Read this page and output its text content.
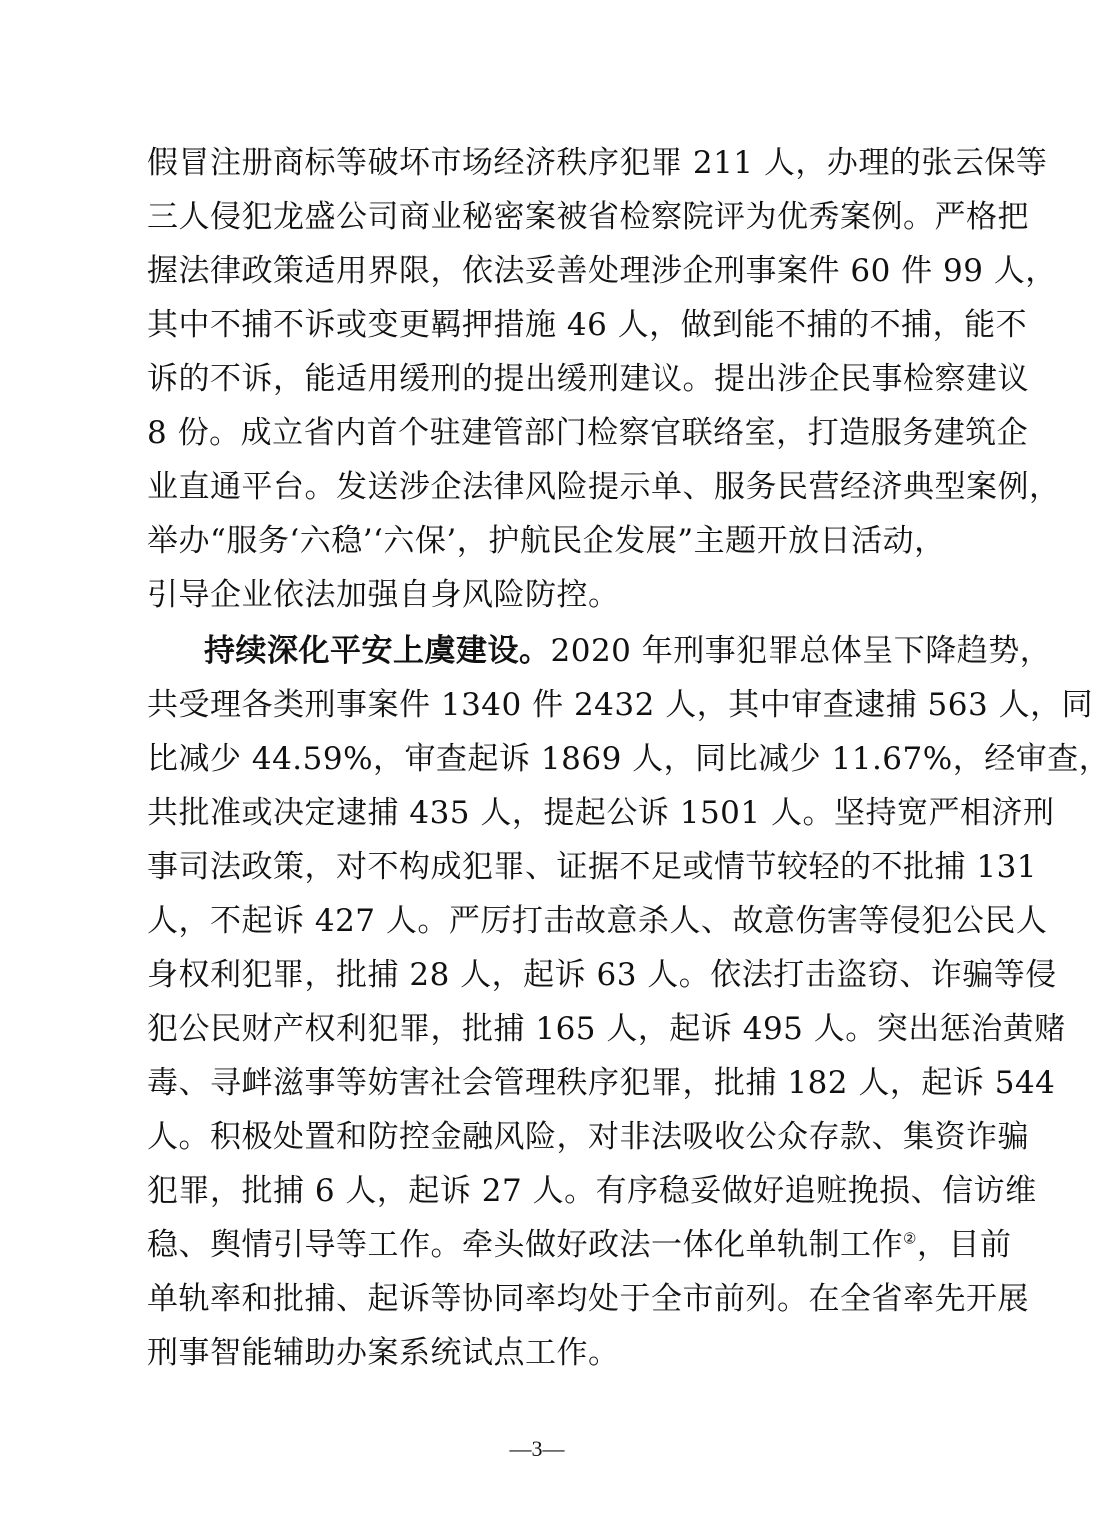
假冒注册商标等破坏市场经济秩序犯罪 211 人，办理的张云保等
三人侵犯龙盛公司商业秘密案被省检察院评为优秀案例。严格把
握法律政策适用界限，依法妥善处理涉企刑事案件 60 件 99 人，
其中不捕不诉或变更羁押措施 46 人，做到能不捕的不捕，能不
诉的不诉，能适用缓刑的提出缓刑建议。提出涉企民事检察建议
8 份。成立省内首个驻建管部门检察官联络室，打造服务建筑企
业直通平台。发送涉企法律风险提示单、服务民营经济典型案例，
举办“服务‘六稳’‘六保’，护航民企发展”主题开放日活动，
引导企业依法加强自身风险防控。
持续深化平安上虞建设。2020 年刑事犯罪总体呈下降趋势，
共受理各类刑事案件 1340 件 2432 人，其中审查逮捕 563 人，同
比减少 44.59%，审查起诉 1869 人，同比减少 11.67%，经审查，
共批准或决定逮捕 435 人，提起公诉 1501 人。坚持宽严相济刑
事司法政策，对不构成犯罪、证据不足或情节较轻的不批捕 131
人，不起诉 427 人。严厉打击故意杀人、故意伤害等侵犯公民人
身权利犯罪，批捕 28 人，起诉 63 人。依法打击盗窃、诈骗等侵
犯公民财产权利犯罪，批捕 165 人，起诉 495 人。突出惩治黄赌
毒、寻衅滋事等妨害社会管理秩序犯罪，批捕 182 人，起诉 544
人。积极处置和防控金融风险，对非法吸收公众存款、集资诈骗
犯罪，批捕 6 人，起诉 27 人。有序稳妥做好追赃挽损、信访维
稳、舆情引导等工作。牵头做好政法一体化单轨制工作②，目前
单轨率和批捕、起诉等协同率均处于全市前列。在全省率先开展
刑事智能辅助办案系统试点工作。
—3—
